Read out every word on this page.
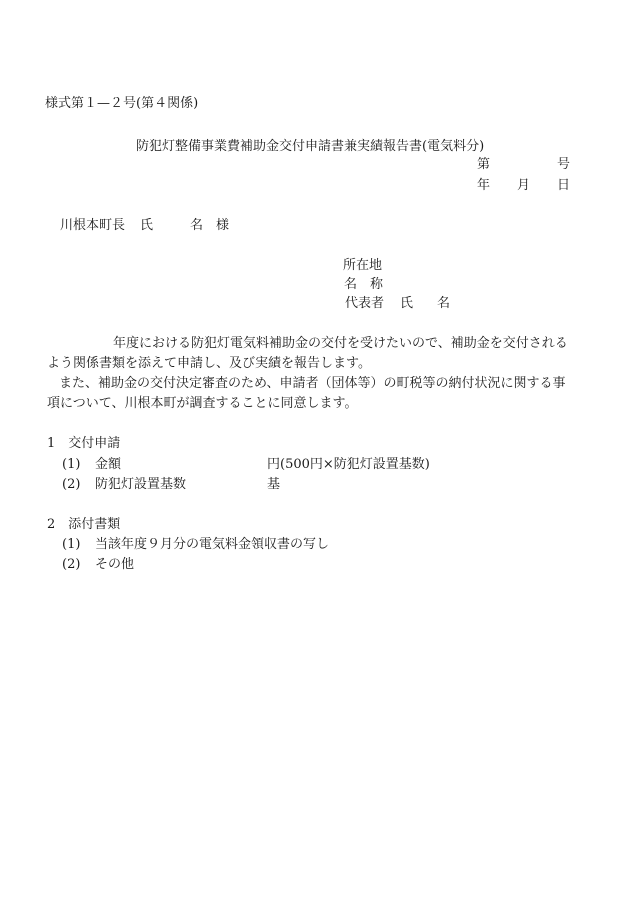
様式第１—２号(第４関係)
防犯灯整備事業費補助金交付申請書兼実績報告書(電気料分)
第	号
年 月 日
川根本町長 氏	名 様
所在地
名 称
代表者 氏 名
年度における防犯灯電気料補助金の交付を受けたいので、補助金を交付される
よう関係書類を添えて申請し、及び実績を報告します。
また、補助金の交付決定審査のため、申請者（団体等）の町税等の納付状況に関する事
項について、川根本町が調査することに同意します。
1　交付申請
(1) 金額	円(500円×防犯灯設置基数)
(2) 防犯灯設置基数	基
2　添付書類
(1) 当該年度９月分の電気料金領収書の写し
(2) その他
